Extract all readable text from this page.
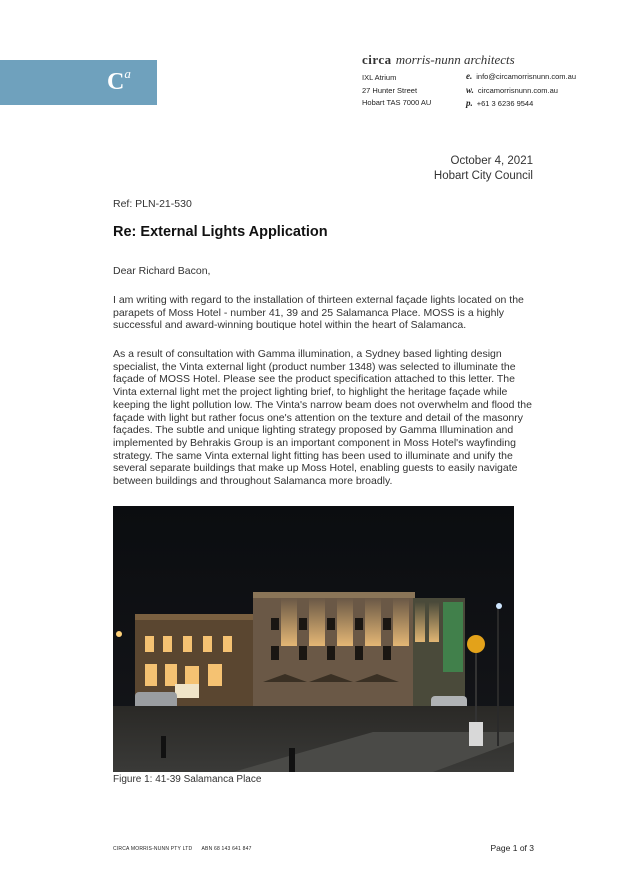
$C^a$
circa morris-nunn architects
IXL Atrium
27 Hunter Street
Hobart TAS 7000 AU
e. info@circamorrisnunn.com.au
w. circamorrisnunn.com.au
p. +61 3 6236 9544
October 4, 2021
Hobart City Council
Ref: PLN-21-530
Re: External Lights Application

Dear Richard Bacon,

I am writing with regard to the installation of thirteen external façade lights located on the parapets of Moss Hotel - number 41, 39 and 25 Salamanca Place. MOSS is a highly successful and award-winning boutique hotel within the heart of Salamanca.

As a result of consultation with Gamma illumination, a Sydney based lighting design specialist, the Vinta external light (product number 1348) was selected to illuminate the façade of MOSS Hotel. Please see the product specification attached to this letter. The Vinta external light met the project lighting brief, to highlight the heritage façade while keeping the light pollution low. The Vinta's narrow beam does not overwhelm and flood the façade with light but rather focus one's attention on the texture and detail of the masonry façades. The subtle and unique lighting strategy proposed by Gamma Illumination and implemented by Behrakis Group is an important component in Moss Hotel's wayfinding strategy. The same Vinta external light fitting has been used to illuminate and unify the several separate buildings that make up Moss Hotel, enabling guests to easily navigate between buildings and throughout Salamanca more broadly.

Figure 1: 41-39 Salamanca Place
CIRCA MORRIS-NUNN PTY LTD      ABN 68 143 641 847	Page 1 of 3
